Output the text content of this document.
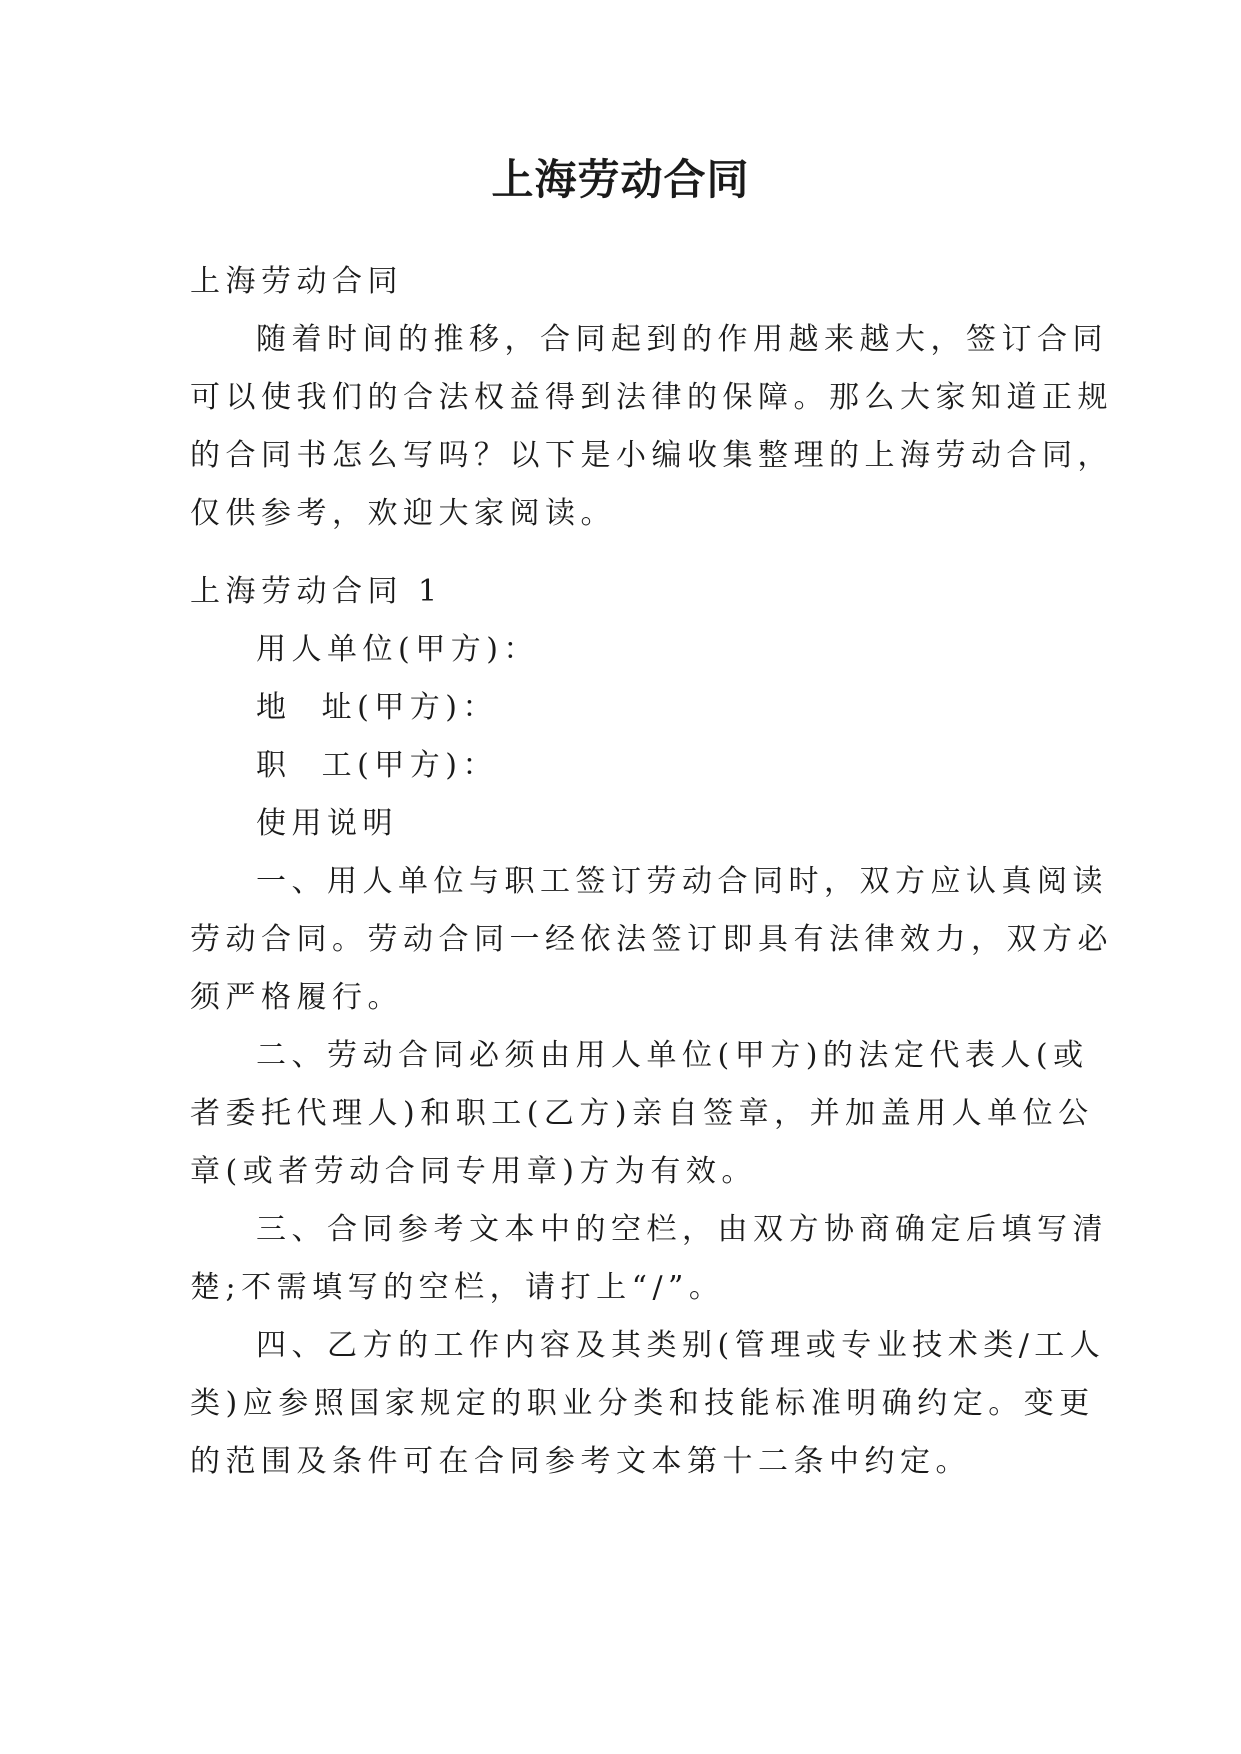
上海劳动合同
上海劳动合同
随着时间的推移，合同起到的作用越来越大，签订合同
可以使我们的合法权益得到法律的保障。那么大家知道正规
的合同书怎么写吗？以下是小编收集整理的上海劳动合同，
仅供参考，欢迎大家阅读。
上海劳动合同 1
用人单位(甲方)：
地  址(甲方)：
职  工(甲方)：
使用说明
一、用人单位与职工签订劳动合同时，双方应认真阅读
劳动合同。劳动合同一经依法签订即具有法律效力，双方必
须严格履行。
二、劳动合同必须由用人单位(甲方)的法定代表人(或
者委托代理人)和职工(乙方)亲自签章，并加盖用人单位公
章(或者劳动合同专用章)方为有效。
三、合同参考文本中的空栏，由双方协商确定后填写清
楚;不需填写的空栏，请打上“/”。
四、乙方的工作内容及其类别(管理或专业技术类/工人
类)应参照国家规定的职业分类和技能标准明确约定。变更
的范围及条件可在合同参考文本第十二条中约定。
